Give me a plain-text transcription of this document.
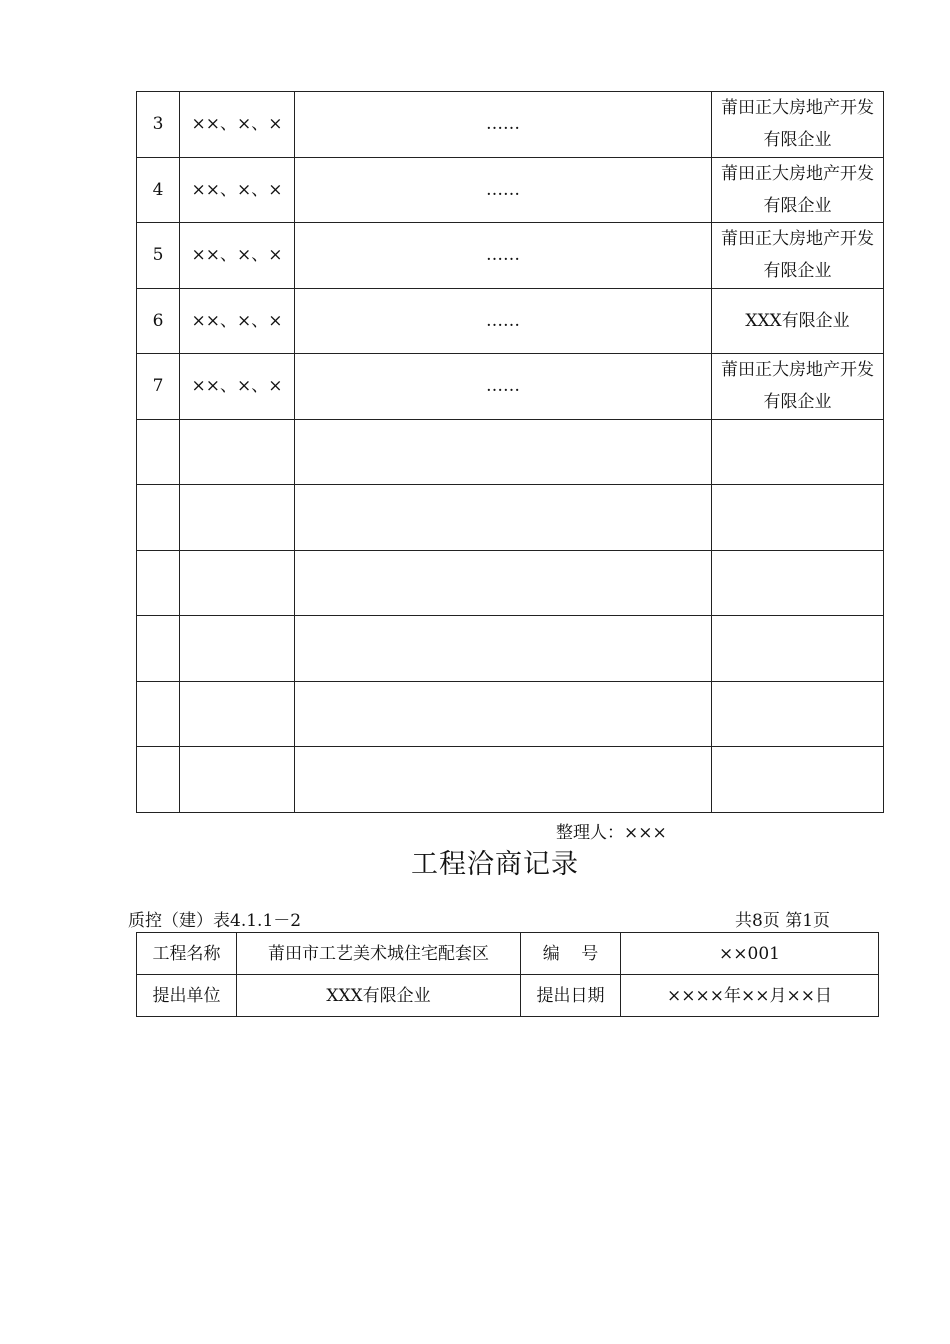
3	××、×、×	……	莆田正大房地产开发有限企业
4	××、×、×	……	莆田正大房地产开发有限企业
5	××、×、×	……	莆田正大房地产开发有限企业
6	××、×、×	……	XXX有限企业
7	××、×、×	……	莆田正大房地产开发有限企业

整理人：×××
工程洽商记录
质控（建）表4.1.1－2	共8页 第1页
工程名称	莆田市工艺美术城住宅配套区	编    号	××001
提出单位	XXX有限企业	提出日期	××××年××月××日
